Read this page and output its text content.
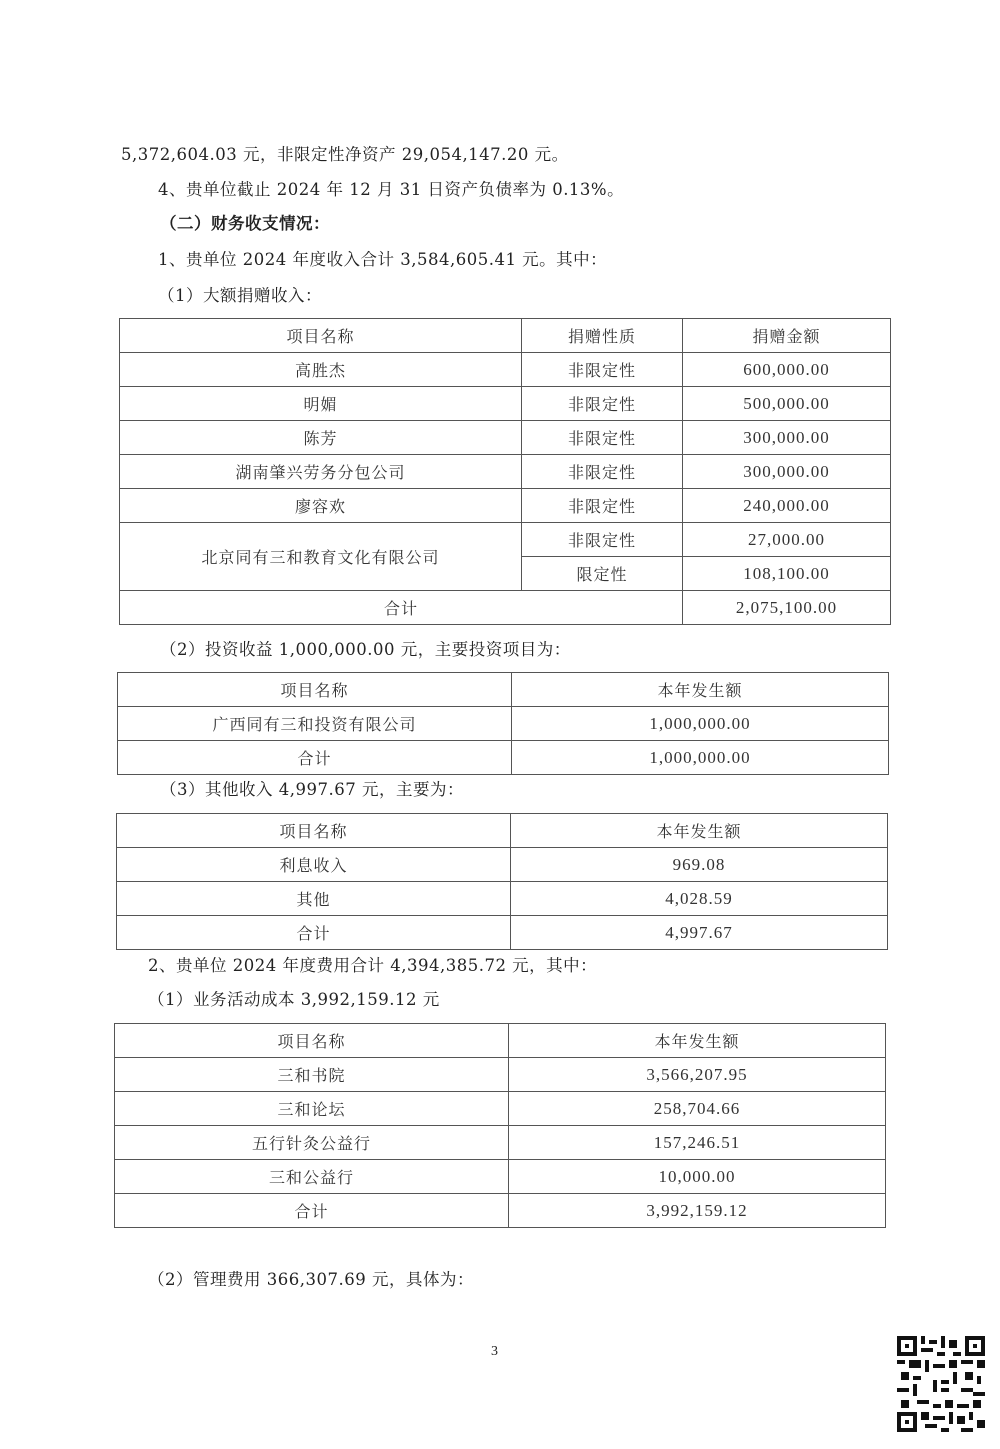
5,372,604.03 元，非限定性净资产 29,054,147.20 元。
4、贵单位截止 2024 年 12 月 31 日资产负债率为 0.13%。
（二）财务收支情况：
1、贵单位 2024 年度收入合计 3,584,605.41 元。其中：
（1）大额捐赠收入：
项目名称	捐赠性质	捐赠金额
高胜杰	非限定性	600,000.00
明媚	非限定性	500,000.00
陈芳	非限定性	300,000.00
湖南肇兴劳务分包公司	非限定性	300,000.00
廖容欢	非限定性	240,000.00
北京同有三和教育文化有限公司	非限定性	27,000.00
	限定性	108,100.00
合计		2,075,100.00
（2）投资收益 1,000,000.00 元，主要投资项目为：
项目名称	本年发生额
广西同有三和投资有限公司	1,000,000.00
合计	1,000,000.00
（3）其他收入 4,997.67 元，主要为：
项目名称	本年发生额
利息收入	969.08
其他	4,028.59
合计	4,997.67
2、贵单位 2024 年度费用合计 4,394,385.72 元，其中：
（1）业务活动成本 3,992,159.12 元
项目名称	本年发生额
三和书院	3,566,207.95
三和论坛	258,704.66
五行针灸公益行	157,246.51
三和公益行	10,000.00
合计	3,992,159.12
（2）管理费用 366,307.69 元，具体为：
3
